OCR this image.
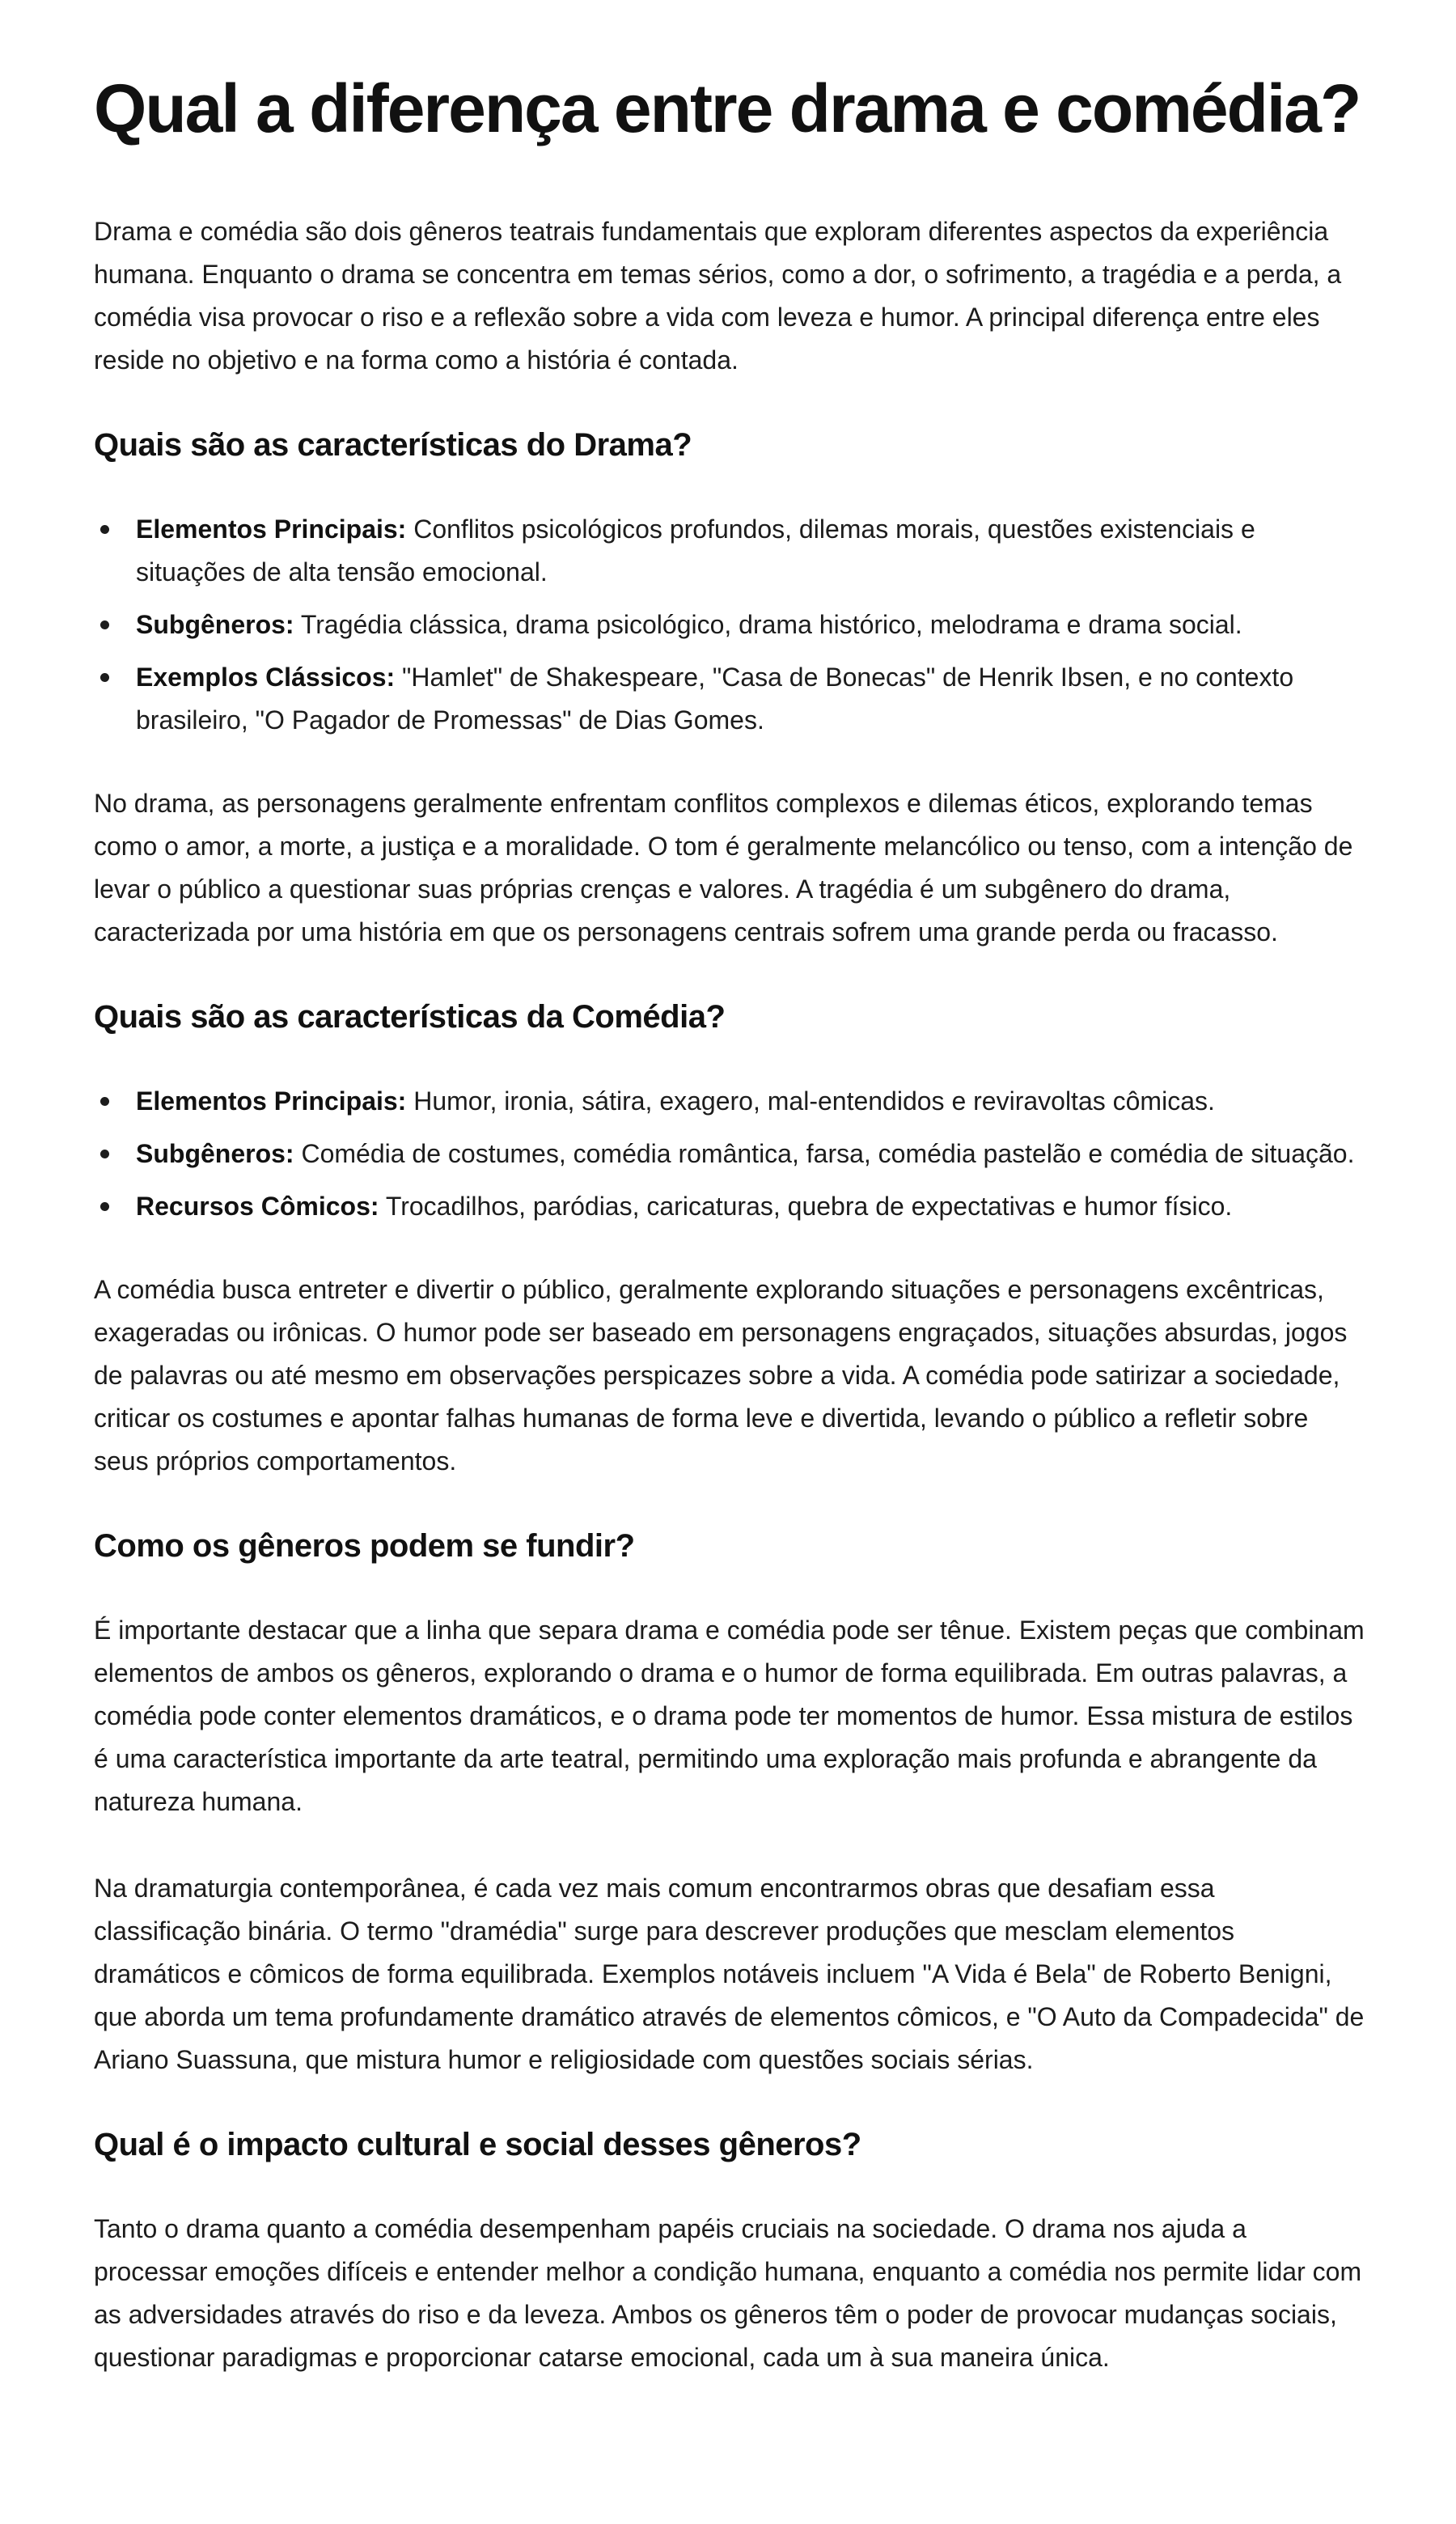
Qual a diferença entre drama e comédia?

Drama e comédia são dois gêneros teatrais fundamentais que exploram diferentes aspectos da experiência humana. Enquanto o drama se concentra em temas sérios, como a dor, o sofrimento, a tragédia e a perda, a comédia visa provocar o riso e a reflexão sobre a vida com leveza e humor. A principal diferença entre eles reside no objetivo e na forma como a história é contada.

Quais são as características do Drama?
Elementos Principais: Conflitos psicológicos profundos, dilemas morais, questões existenciais e situações de alta tensão emocional.
Subgêneros: Tragédia clássica, drama psicológico, drama histórico, melodrama e drama social.
Exemplos Clássicos: "Hamlet" de Shakespeare, "Casa de Bonecas" de Henrik Ibsen, e no contexto brasileiro, "O Pagador de Promessas" de Dias Gomes.

No drama, as personagens geralmente enfrentam conflitos complexos e dilemas éticos, explorando temas como o amor, a morte, a justiça e a moralidade. O tom é geralmente melancólico ou tenso, com a intenção de levar o público a questionar suas próprias crenças e valores. A tragédia é um subgênero do drama, caracterizada por uma história em que os personagens centrais sofrem uma grande perda ou fracasso.

Quais são as características da Comédia?
Elementos Principais: Humor, ironia, sátira, exagero, mal-entendidos e reviravoltas cômicas.
Subgêneros: Comédia de costumes, comédia romântica, farsa, comédia pastelão e comédia de situação.
Recursos Cômicos: Trocadilhos, paródias, caricaturas, quebra de expectativas e humor físico.

A comédia busca entreter e divertir o público, geralmente explorando situações e personagens excêntricas, exageradas ou irônicas. O humor pode ser baseado em personagens engraçados, situações absurdas, jogos de palavras ou até mesmo em observações perspicazes sobre a vida. A comédia pode satirizar a sociedade, criticar os costumes e apontar falhas humanas de forma leve e divertida, levando o público a refletir sobre seus próprios comportamentos.

Como os gêneros podem se fundir?

É importante destacar que a linha que separa drama e comédia pode ser tênue. Existem peças que combinam elementos de ambos os gêneros, explorando o drama e o humor de forma equilibrada. Em outras palavras, a comédia pode conter elementos dramáticos, e o drama pode ter momentos de humor. Essa mistura de estilos é uma característica importante da arte teatral, permitindo uma exploração mais profunda e abrangente da natureza humana.

Na dramaturgia contemporânea, é cada vez mais comum encontrarmos obras que desafiam essa classificação binária. O termo "dramédia" surge para descrever produções que mesclam elementos dramáticos e cômicos de forma equilibrada. Exemplos notáveis incluem "A Vida é Bela" de Roberto Benigni, que aborda um tema profundamente dramático através de elementos cômicos, e "O Auto da Compadecida" de Ariano Suassuna, que mistura humor e religiosidade com questões sociais sérias.

Qual é o impacto cultural e social desses gêneros?

Tanto o drama quanto a comédia desempenham papéis cruciais na sociedade. O drama nos ajuda a processar emoções difíceis e entender melhor a condição humana, enquanto a comédia nos permite lidar com as adversidades através do riso e da leveza. Ambos os gêneros têm o poder de provocar mudanças sociais, questionar paradigmas e proporcionar catarse emocional, cada um à sua maneira única.
